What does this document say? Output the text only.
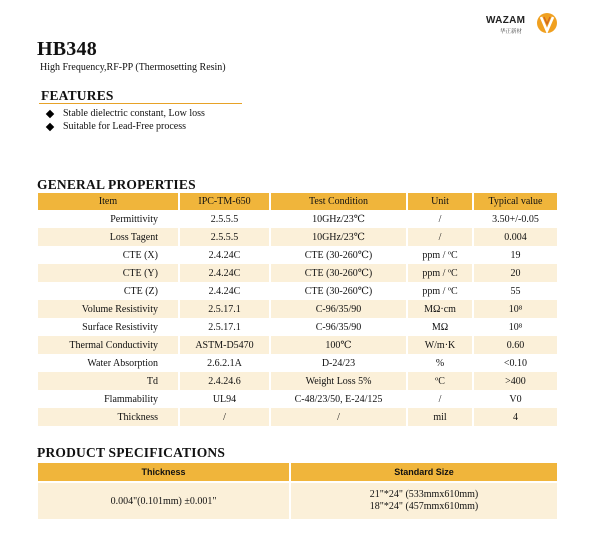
WAZAM
华正新材
HB348
High Frequency,RF-PP (Thermosetting Resin)
FEATURES
Stable dielectric constant, Low loss
Suitable for Lead-Free process
GENERAL PROPERTIES
Item	IPC-TM-650	Test Condition	Unit	Typical value
Permittivity	2.5.5.5	10GHz/23℃	/	3.50+/-0.05
Loss Tagent	2.5.5.5	10GHz/23℃	/	0.004
CTE (X)	2.4.24C	CTE (30-260℃)	ppm / ºC	19
CTE (Y)	2.4.24C	CTE (30-260℃)	ppm / ºC	20
CTE (Z)	2.4.24C	CTE (30-260℃)	ppm / ºC	55
Volume Resistivity	2.5.17.1	C-96/35/90	MΩ·cm	10⁸
Surface Resistivity	2.5.17.1	C-96/35/90	MΩ	10⁸
Thermal Conductivity	ASTM-D5470	100℃	W/m·K	0.60
Water Absorption	2.6.2.1A	D-24/23	%	<0.10
Td	2.4.24.6	Weight Loss 5%	ºC	>400
Flammability	UL94	C-48/23/50, E-24/125	/	V0
Thickness	/	/	mil	4
PRODUCT SPECIFICATIONS
Thickness	Standard Size
0.004"(0.101mm) ±0.001"	21"*24" (533mmx610mm)
18"*24" (457mmx610mm)
